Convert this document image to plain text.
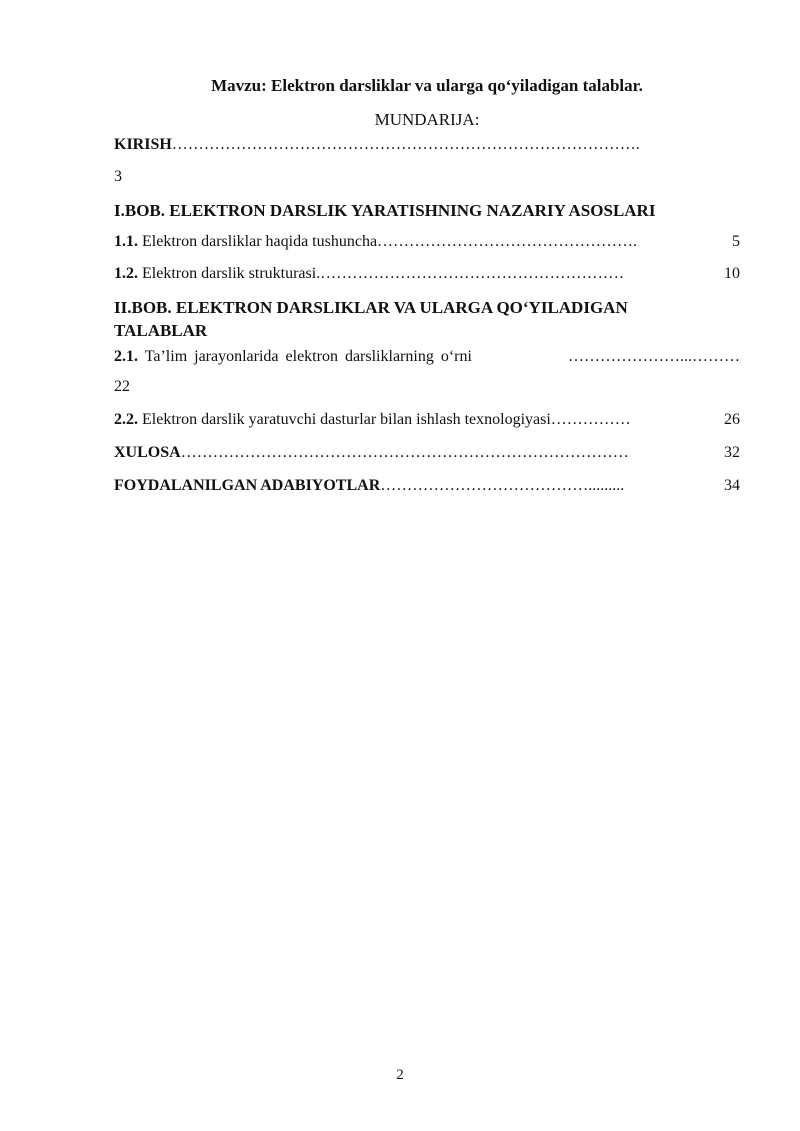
Mavzu: Elektron darsliklar va ularga qo‘yiladigan talablar.
MUNDARIJA:
KIRISH…………………………………………………………………………….
3
I.BOB. ELEKTRON DARSLIK YARATISHNING NAZARIY ASOSLARI
1.1. Elektron darsliklar haqida tushuncha ………………………………………….	5
1.2. Elektron darslik strukturasi. …………………………………………………	10
II.BOB. ELEKTRON DARSLIKLAR VA ULARGA QO‘YILADIGAN
TALABLAR
2.1. Ta’lim jarayonlarida elektron darsliklarning o‘rni	…………………...………
22
2.2. Elektron darslik yaratuvchi dasturlar bilan ishlash texnologiyasi ……………	26
XULOSA …………………………………………………………………………	32
FOYDALANILGAN ADABIYOTLAR ………………………………….........	34
2
